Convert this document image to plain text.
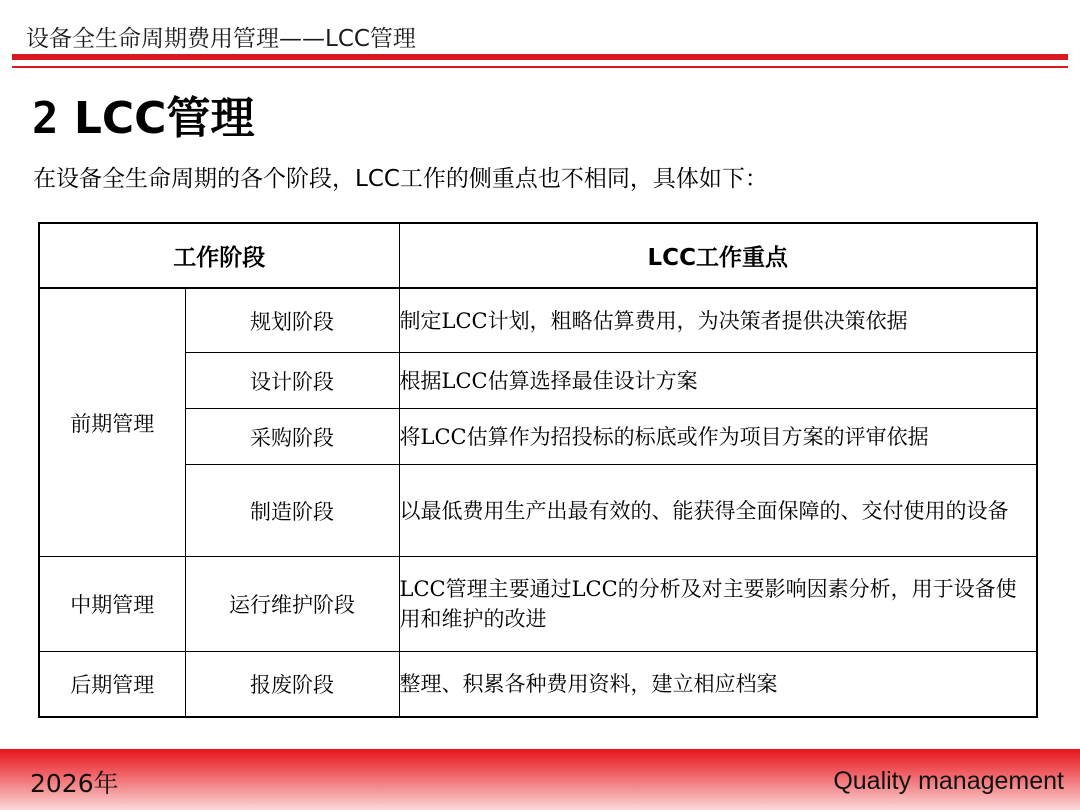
设备全生命周期费用管理——LCC管理
2 LCC管理
在设备全生命周期的各个阶段，LCC工作的侧重点也不相同，具体如下：
工作阶段		LCC工作重点
前期管理	规划阶段	制定LCC计划，粗略估算费用，为决策者提供决策依据
	设计阶段	根据LCC估算选择最佳设计方案
	采购阶段	将LCC估算作为招投标的标底或作为项目方案的评审依据
	制造阶段	以最低费用生产出最有效的、能获得全面保障的、交付使用的设备
中期管理	运行维护阶段	LCC管理主要通过LCC的分析及对主要影响因素分析，用于设备使用和维护的改进
后期管理	报废阶段	整理、积累各种费用资料，建立相应档案
2026年	Quality management
